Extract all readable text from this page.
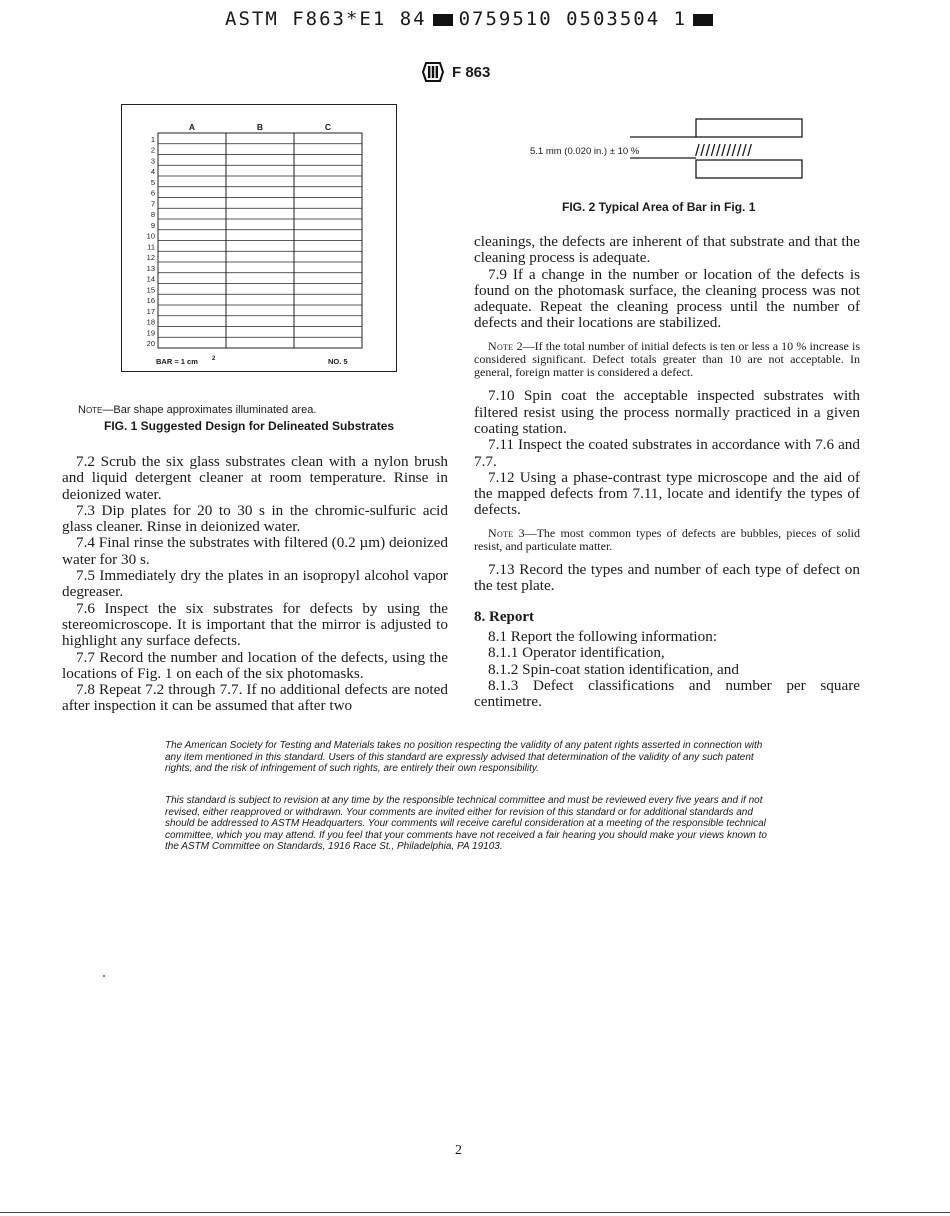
ASTM F863*E1 84 0759510 0503504 1
F 863
1
2
3
4
5
6
7
8
9
10
11
12
13
14
15
16
17
18
19
20
A	B	C
BAR = 1 cm 2	NO. 5
Note—Bar shape approximates illuminated area.
FIG. 1 Suggested Design for Delineated Substrates
5.1 mm (0.020 in.) ± 10 %	///////////
FIG. 2 Typical Area of Bar in Fig. 1

7.2 Scrub the six glass substrates clean with a nylon brush and liquid detergent cleaner at room temperature. Rinse in deionized water.

7.3 Dip plates for 20 to 30 s in the chromic-sulfuric acid glass cleaner. Rinse in deionized water.

7.4 Final rinse the substrates with filtered (0.2 µm) deionized water for 30 s.

7.5 Immediately dry the plates in an isopropyl alcohol vapor degreaser.

7.6 Inspect the six substrates for defects by using the stereomicroscope. It is important that the mirror is adjusted to highlight any surface defects.

7.7 Record the number and location of the defects, using the locations of Fig. 1 on each of the six photomasks.

7.8 Repeat 7.2 through 7.7. If no additional defects are noted after inspection it can be assumed that after two

cleanings, the defects are inherent of that substrate and that the cleaning process is adequate.

7.9 If a change in the number or location of the defects is found on the photomask surface, the cleaning process was not adequate. Repeat the cleaning process until the number of defects and their locations are stabilized.

Note 2—If the total number of initial defects is ten or less a 10 % increase is considered significant. Defect totals greater than 10 are not acceptable. In general, foreign matter is considered a defect.

7.10 Spin coat the acceptable inspected substrates with filtered resist using the process normally practiced in a given coating station.

7.11 Inspect the coated substrates in accordance with 7.6 and 7.7.

7.12 Using a phase-contrast type microscope and the aid of the mapped defects from 7.11, locate and identify the types of defects.

Note 3—The most common types of defects are bubbles, pieces of solid resist, and particulate matter.

7.13 Record the types and number of each type of defect on the test plate.

8. Report

8.1 Report the following information:

8.1.1 Operator identification,

8.1.2 Spin-coat station identification, and

8.1.3 Defect classifications and number per square centimetre.

The American Society for Testing and Materials takes no position respecting the validity of any patent rights asserted in connection with any item mentioned in this standard. Users of this standard are expressly advised that determination of the validity of any such patent rights, and the risk of infringement of such rights, are entirely their own responsibility.
This standard is subject to revision at any time by the responsible technical committee and must be reviewed every five years and if not revised, either reapproved or withdrawn. Your comments are invited either for revision of this standard or for additional standards and should be addressed to ASTM Headquarters. Your comments will receive careful consideration at a meeting of the responsible technical committee, which you may attend. If you feel that your comments have not received a fair hearing you should make your views known to the ASTM Committee on Standards, 1916 Race St., Philadelphia, PA 19103.
2
